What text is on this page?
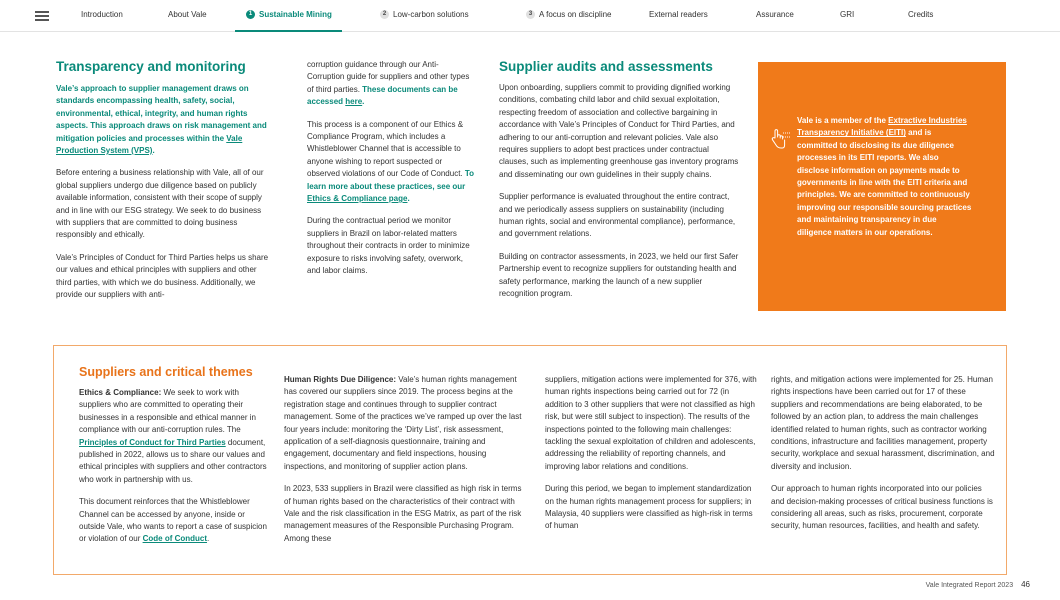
Introduction	About Vale	1 Sustainable Mining	2 Low-carbon solutions	3 A focus on discipline	External readers	Assurance	GRI	Credits
Transparency and monitoring

Vale’s approach to supplier management draws on standards encompassing health, safety, social, environmental, ethical, integrity, and human rights aspects. This approach draws on risk management and mitigation policies and processes within the Vale Production System (VPS).

Before entering a business relationship with Vale, all of our global suppliers undergo due diligence based on publicly available information, consistent with their scope of supply and in line with our ESG strategy. We seek to do business with suppliers that are committed to doing business responsibly and ethically.

Vale’s Principles of Conduct for Third Parties helps us share our values and ethical principles with suppliers and other third parties, with which we do business. Additionally, we provide our suppliers with anti-

corruption guidance through our Anti-Corruption guide for suppliers and other types of third parties. These documents can be accessed here.

This process is a component of our Ethics & Compliance Program, which includes a Whistleblower Channel that is accessible to anyone wishing to report suspected or observed violations of our Code of Conduct. To learn more about these practices, see our Ethics & Compliance page.

During the contractual period we monitor suppliers in Brazil on labor-related matters throughout their contracts in order to minimize exposure to risks involving safety, overwork, and labor claims.

Supplier audits and assessments

Upon onboarding, suppliers commit to providing dignified working conditions, combating child labor and child sexual exploitation, respecting freedom of association and collective bargaining in accordance with Vale’s Principles of Conduct for Third Parties, and adhering to our anti-corruption and relevant policies. Vale also requires suppliers to adopt best practices under contractual clauses, such as implementing greenhouse gas inventory programs and disseminating our own guidelines in their supply chains.

Supplier performance is evaluated throughout the entire contract, and we periodically assess suppliers on sustainability (including human rights, social and environmental compliance), performance, and government relations.

Building on contractor assessments, in 2023, we held our first Safer Partnership event to recognize suppliers for outstanding health and safety performance, marking the launch of a new supplier recognition program.

Vale is a member of the Extractive Industries Transparency Initiative (EITI) and is committed to disclosing its due diligence processes in its EITI reports. We also disclose information on payments made to governments in line with the EITI criteria and principles. We are committed to continuously improving our responsible sourcing practices and maintaining transparency in due diligence matters in our operations.
Suppliers and critical themes

Ethics & Compliance: We seek to work with suppliers who are committed to operating their businesses in a responsible and ethical manner in compliance with our anti-corruption rules. The Principles of Conduct for Third Parties document, published in 2022, allows us to share our values and ethical principles with suppliers and other contractors who work in partnership with us.

This document reinforces that the Whistleblower Channel can be accessed by anyone, inside or outside Vale, who wants to report a case of suspicion or violation of our Code of Conduct.

Human Rights Due Diligence: Vale’s human rights management has covered our suppliers since 2019. The process begins at the registration stage and continues through to supplier contract management. Some of the practices we’ve ramped up over the last four years include: monitoring the ‘Dirty List’, risk assessment, application of a self-diagnosis questionnaire, training and engagement, documentary and field inspections, housing inspections, and monitoring of supplier action plans.

In 2023, 533 suppliers in Brazil were classified as high risk in terms of human rights based on the characteristics of their contract with Vale and the risk classification in the ESG Matrix, as part of the risk management measures of the Responsible Purchasing Program. Among these

suppliers, mitigation actions were implemented for 376, with human rights inspections being carried out for 72 (in addition to 3 other suppliers that were not classified as high risk, but were still subject to inspection). The results of the inspections pointed to the following main challenges: tackling the sexual exploitation of children and adolescents, addressing the reliability of reporting channels, and improving labor relations and conditions.

During this period, we began to implement standardization on the human rights management process for suppliers; in Malaysia, 40 suppliers were classified as high-risk in terms of human

rights, and mitigation actions were implemented for 25. Human rights inspections have been carried out for 17 of these suppliers and recommendations are being elaborated, to be followed by an action plan, to address the main challenges identified related to human rights, such as contractor working conditions, infrastructure and facilities management, property security, workplace and sexual harassment, discrimination, and diversity and inclusion.

Our approach to human rights incorporated into our policies and decision-making processes of critical business functions is considering all areas, such as risks, procurement, corporate security, human resources, facilities, and health and safety.

Vale Integrated Report 2023 46
